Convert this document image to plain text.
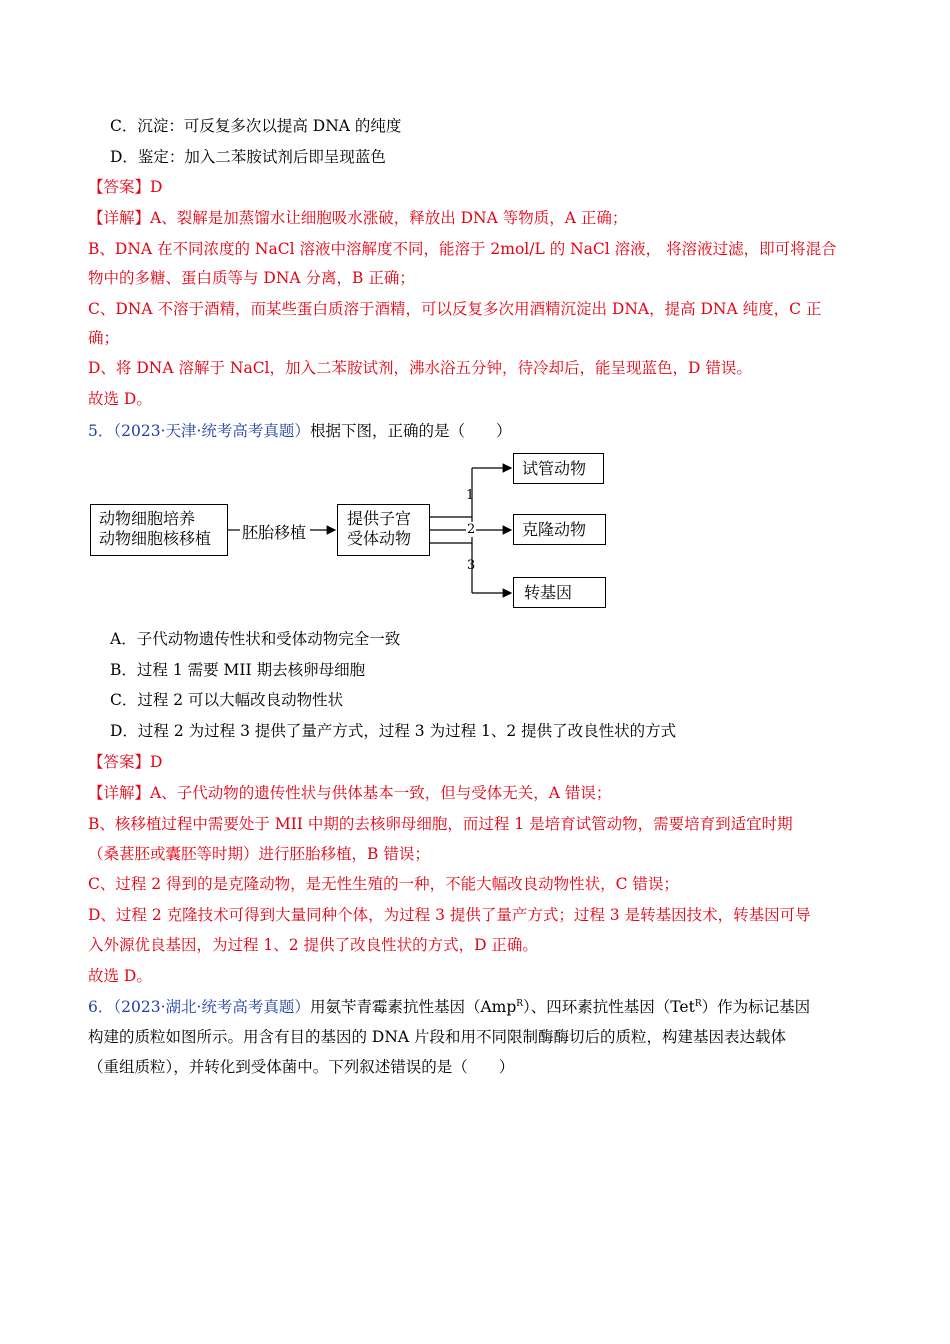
C．沉淀：可反复多次以提高 DNA 的纯度
D．鉴定：加入二苯胺试剂后即呈现蓝色
【答案】D
【详解】A、裂解是加蒸馏水让细胞吸水涨破，释放出 DNA 等物质，A 正确；
B、DNA 在不同浓度的 NaCl 溶液中溶解度不同，能溶于 2mol/L 的 NaCl 溶液， 将溶液过滤，即可将混合
物中的多糖、蛋白质等与 DNA 分离，B 正确；
C、DNA 不溶于酒精，而某些蛋白质溶于酒精，可以反复多次用酒精沉淀出 DNA，提高 DNA 纯度，C 正
确；
D、将 DNA 溶解于 NaCl，加入二苯胺试剂，沸水浴五分钟，待冷却后，能呈现蓝色，D 错误。
故选 D。
5．（2023·天津·统考高考真题）根据下图，正确的是（　　）
动物细胞培养
动物细胞核移植	胚胎移植
提供子宫
受体动物
1
2
3
试管动物
克隆动物
转基因
A．子代动物遗传性状和受体动物完全一致
B．过程 1 需要 MII 期去核卵母细胞
C．过程 2 可以大幅改良动物性状
D．过程 2 为过程 3 提供了量产方式，过程 3 为过程 1、2 提供了改良性状的方式
【答案】D
【详解】A、子代动物的遗传性状与供体基本一致，但与受体无关，A 错误；
B、核移植过程中需要处于 MII 中期的去核卵母细胞，而过程 1 是培育试管动物，需要培育到适宜时期
（桑葚胚或囊胚等时期）进行胚胎移植，B 错误；
C、过程 2 得到的是克隆动物，是无性生殖的一种，不能大幅改良动物性状，C 错误；
D、过程 2 克隆技术可得到大量同种个体，为过程 3 提供了量产方式；过程 3 是转基因技术，转基因可导
入外源优良基因，为过程 1、2 提供了改良性状的方式，D 正确。
故选 D。
6．（2023·湖北·统考高考真题）用氨苄青霉素抗性基因（Amp$^R$）、四环素抗性基因（Tet$^R$）作为标记基因
构建的质粒如图所示。用含有目的基因的 DNA 片段和用不同限制酶酶切后的质粒，构建基因表达载体
（重组质粒），并转化到受体菌中。下列叙述错误的是（　　）
